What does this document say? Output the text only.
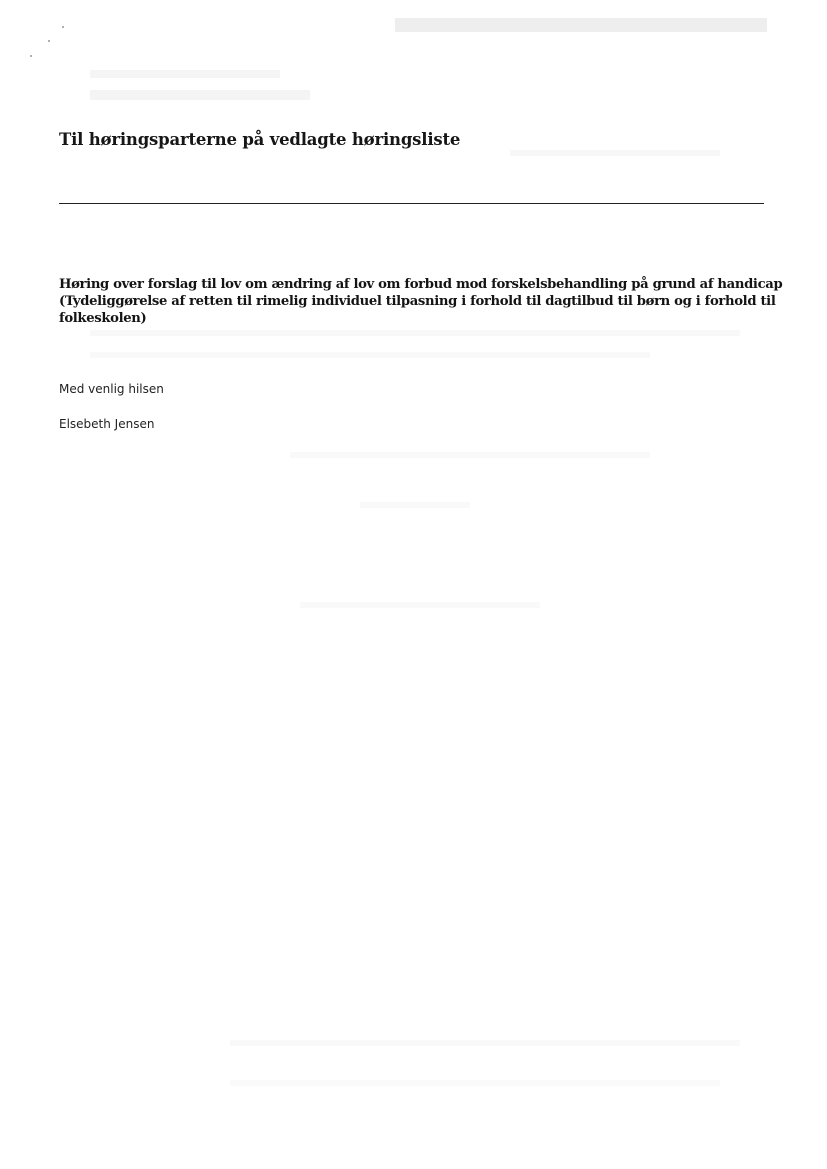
Til høringsparterne på vedlagte høringsliste
Høring over forslag til lov om ændring af lov om forbud mod forskelsbehandling på grund af handicap
(Tydeliggørelse af retten til rimelig individuel tilpasning i forhold til dagtilbud til børn og i forhold til
folkeskolen)
Med venlig hilsen
Elsebeth Jensen
